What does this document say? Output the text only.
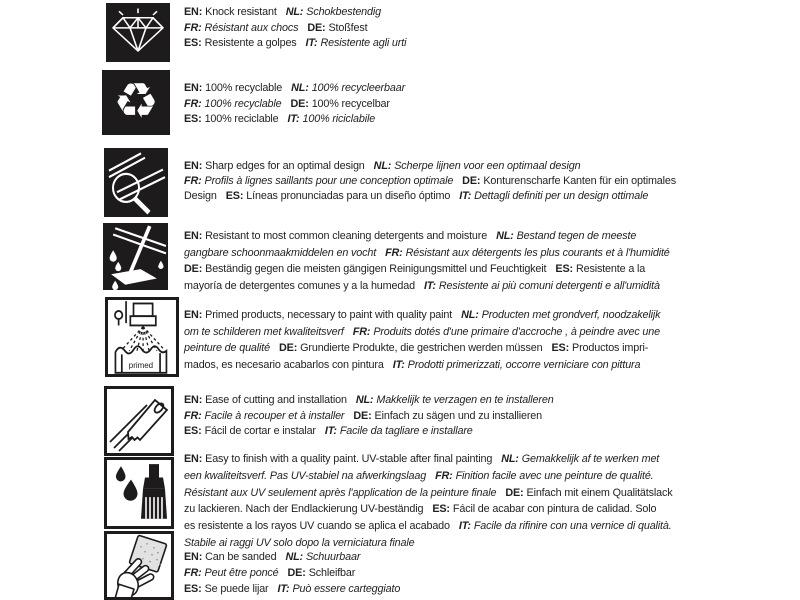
EN: Knock resistant NL: Schokbestendig
FR: Résistant aux chocs DE: Stoßfest
ES: Resistente a golpes IT: Resistente agli urti
♻ EN: 100% recyclable NL: 100% recycleerbaar
FR: 100% recyclable DE: 100% recycelbar
ES: 100% reciclable IT: 100% riciclabile
EN: Sharp edges for an optimal design NL: Scherpe lijnen voor een optimaal design
FR: Profils à lignes saillants pour une conception optimale DE: Konturenscharfe Kanten für ein optimales
Design ES: Líneas pronunciadas para un diseño óptimo IT: Dettagli definiti per un design ottimale
EN: Resistant to most common cleaning detergents and moisture NL: Bestand tegen de meeste
gangbare schoonmaakmiddelen en vocht FR: Résistant aux détergents les plus courants et à l'humidité
DE: Beständig gegen die meisten gängigen Reinigungsmittel und Feuchtigkeit ES: Resistente a la
mayoría de detergentes comunes y a la humedad IT: Resistente ai più comuni detergenti e all'umidità
primed
EN: Primed products, necessary to paint with quality paint NL: Producten met grondverf, noodzakelijk
om te schilderen met kwaliteitsverf FR: Produits dotés d'une primaire d'accroche , à peindre avec une
peinture de qualité DE: Grundierte Produkte, die gestrichen werden müssen ES: Productos impri-
mados, es necesario acabarlos con pintura IT: Prodotti primerizzati, occorre verniciare con pittura
EN: Ease of cutting and installation NL: Makkelijk te verzagen en te installeren
FR: Facile à recouper et à installer DE: Einfach zu sägen und zu installieren
ES: Fácil de cortar e instalar IT: Facile da tagliare e installare
EN: Easy to finish with a quality paint. UV-stable after final painting NL: Gemakkelijk af te werken met
een kwaliteitsverf. Pas UV-stabiel na afwerkingslaag FR: Finition facile avec une peinture de qualité.
Résistant aux UV seulement après l'application de la peinture finale DE: Einfach mit einem Qualitätslack
zu lackieren. Nach der Endlackierung UV-beständig ES: Fácil de acabar con pintura de calidad. Solo
es resistente a los rayos UV cuando se aplica el acabado IT: Facile da rifinire con una vernice di qualità.
Stabile ai raggi UV solo dopo la verniciatura finale
EN: Can be sanded NL: Schuurbaar
FR: Peut être poncé DE: Schleifbar
ES: Se puede lijar IT: Può essere carteggiato
